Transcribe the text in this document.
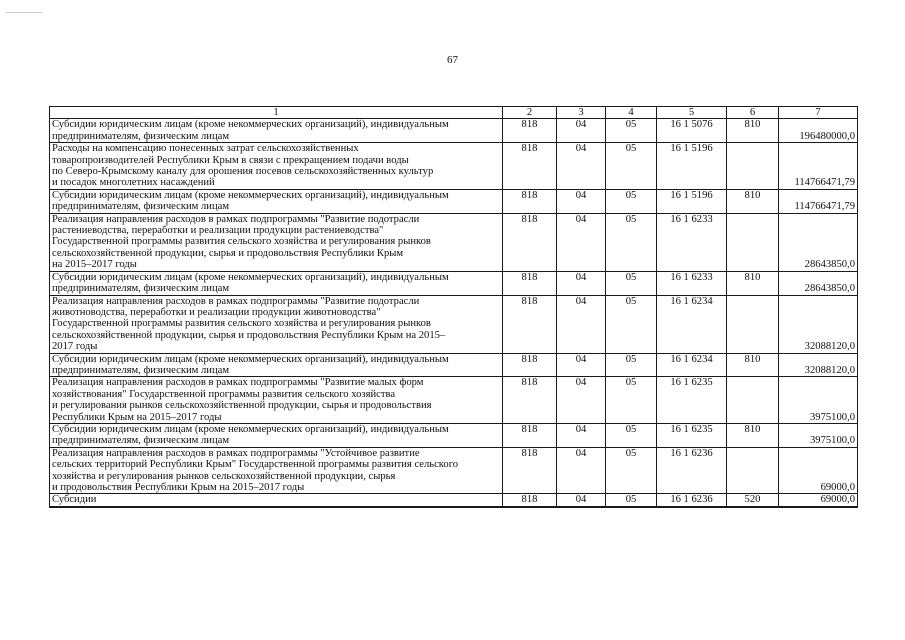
67
1	2	3	4	5	6	7
Субсидии юридическим лицам (кроме некоммерческих организаций), индивидуальным
предпринимателям, физическим лицам	818	04	05	16 1 5076	810	196480000,0
Расходы на компенсацию понесенных затрат сельскохозяйственных
товаропроизводителей Республики Крым в связи с прекращением подачи воды
по Северо-Крымскому каналу для орошения посевов сельскохозяйственных культур
и посадок многолетних насаждений	818	04	05	16 1 5196		114766471,79
Субсидии юридическим лицам (кроме некоммерческих организаций), индивидуальным
предпринимателям, физическим лицам	818	04	05	16 1 5196	810	114766471,79
Реализация направления расходов в рамках подпрограммы "Развитие подотрасли
растениеводства, переработки и реализации продукции растениеводства"
Государственной программы развития сельского хозяйства и регулирования рынков
сельскохозяйственной продукции, сырья и продовольствия Республики Крым
на 2015–2017 годы	818	04	05	16 1 6233		28643850,0
Субсидии юридическим лицам (кроме некоммерческих организаций), индивидуальным
предпринимателям, физическим лицам	818	04	05	16 1 6233	810	28643850,0
Реализация направления расходов в рамках подпрограммы "Развитие подотрасли
животноводства, переработки и реализации продукции животноводства"
Государственной программы развития сельского хозяйства и регулирования рынков
сельскохозяйственной продукции, сырья и продовольствия Республики Крым на 2015–
2017 годы	818	04	05	16 1 6234		32088120,0
Субсидии юридическим лицам (кроме некоммерческих организаций), индивидуальным
предпринимателям, физическим лицам	818	04	05	16 1 6234	810	32088120,0
Реализация направления расходов в рамках подпрограммы "Развитие малых форм
хозяйствования" Государственной программы развития сельского хозяйства
и регулирования рынков сельскохозяйственной продукции, сырья и продовольствия
Республики Крым на 2015–2017 годы	818	04	05	16 1 6235		3975100,0
Субсидии юридическим лицам (кроме некоммерческих организаций), индивидуальным
предпринимателям, физическим лицам	818	04	05	16 1 6235	810	3975100,0
Реализация направления расходов в рамках подпрограммы "Устойчивое развитие
сельских территорий Республики Крым" Государственной программы развития сельского
хозяйства и регулирования рынков сельскохозяйственной продукции, сырья
и продовольствия Республики Крым на 2015–2017 годы	818	04	05	16 1 6236		69000,0
Субсидии	818	04	05	16 1 6236	520	69000,0
